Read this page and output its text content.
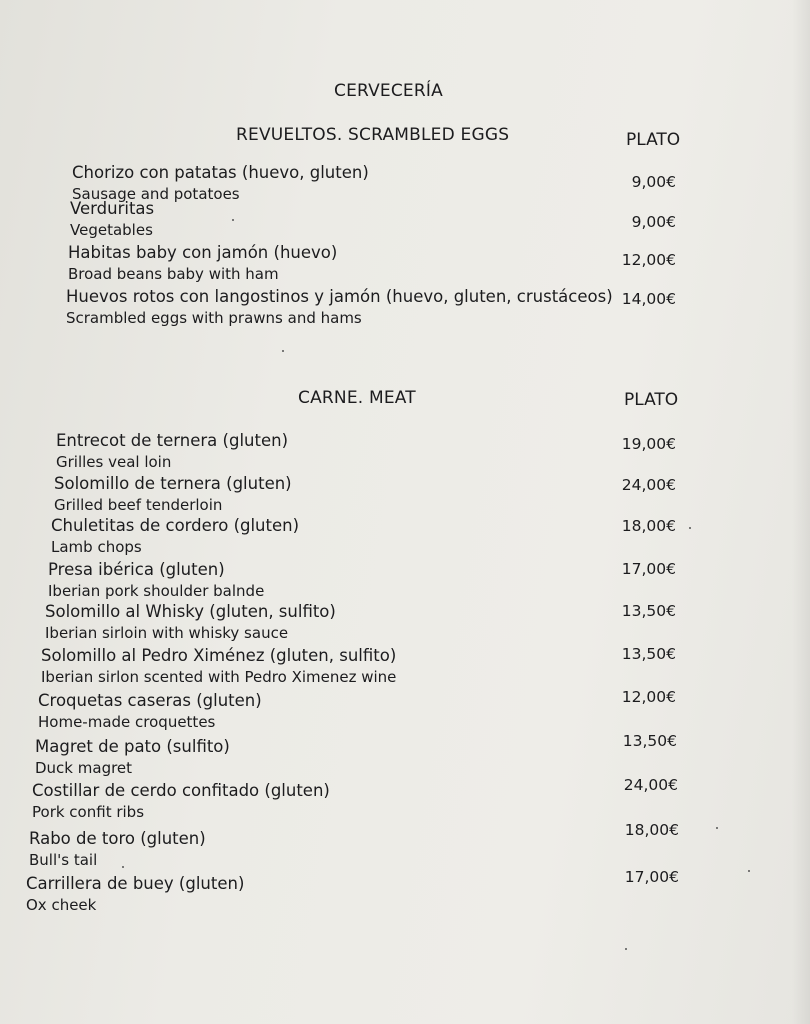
CERVECERÍA
REVUELTOS. SCRAMBLED EGGS	PLATO
Chorizo con patatas (huevo, gluten)
Sausage and potatoes
9,00€
Verduritas
Vegetables	9,00€
Habitas baby con jamón (huevo)
Broad beans baby with ham
12,00€
Huevos rotos con langostinos y jamón (huevo, gluten, crustáceos)
Scrambled eggs with prawns and hams
14,00€
CARNE. MEAT	PLATO
Entrecot de ternera (gluten)
Grilles veal loin
19,00€
Solomillo de ternera (gluten)
Grilled beef tenderloin
24,00€
Chuletitas de cordero (gluten)
Lamb chops
18,00€
Presa ibérica (gluten)
Iberian pork shoulder balnde
17,00€
Solomillo al Whisky (gluten, sulfito)
Iberian sirloin with whisky sauce
13,50€
Solomillo al Pedro Ximénez (gluten, sulfito)
Iberian sirlon scented with Pedro Ximenez wine
13,50€
Croquetas caseras (gluten)
Home-made croquettes
12,00€
Magret de pato (sulfito)
Duck magret
13,50€
Costillar de cerdo confitado (gluten)
Pork confit ribs
24,00€
Rabo de toro (gluten)
Bull's tail
18,00€
Carrillera de buey (gluten)
Ox cheek
17,00€
